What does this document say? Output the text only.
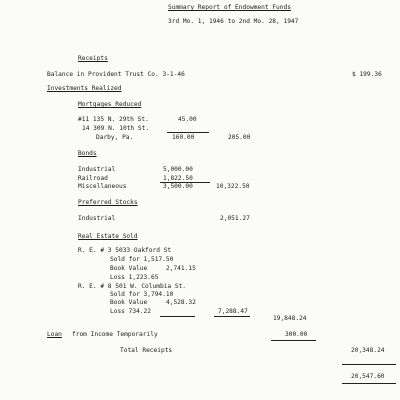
Summary Report of Endowment Funds
3rd Mo. 1, 1946 to 2nd Mo. 28, 1947
Receipts
Balance in Provident Trust Co. 3-1-46	$ 199.36
Investments Realized
Mortgages Reduced
#11 135 N. 29th St.	45.00
14 309 N. 10th St.
Darby, Pa.	160.00	205.00
Bonds
Industrial	5,000.00
Railroad	1,822.50
Miscellaneous	3,500.00	10,322.50
Preferred Stocks
Industrial	2,051.27
Real Estate Sold
R. E. # 3 5033 Oakford St
Sold for 1,517.50
Book Value	2,741.15
Loss 1,223.65
R. E. # 8 501 W. Columbia St.
Sold for 3,794.10
Book Value	4,528.32
Loss 734.22	7,288.47
19,848.24
Loan from Income Temporarily	300.00
Total Receipts	20,348.24
20,547.60
